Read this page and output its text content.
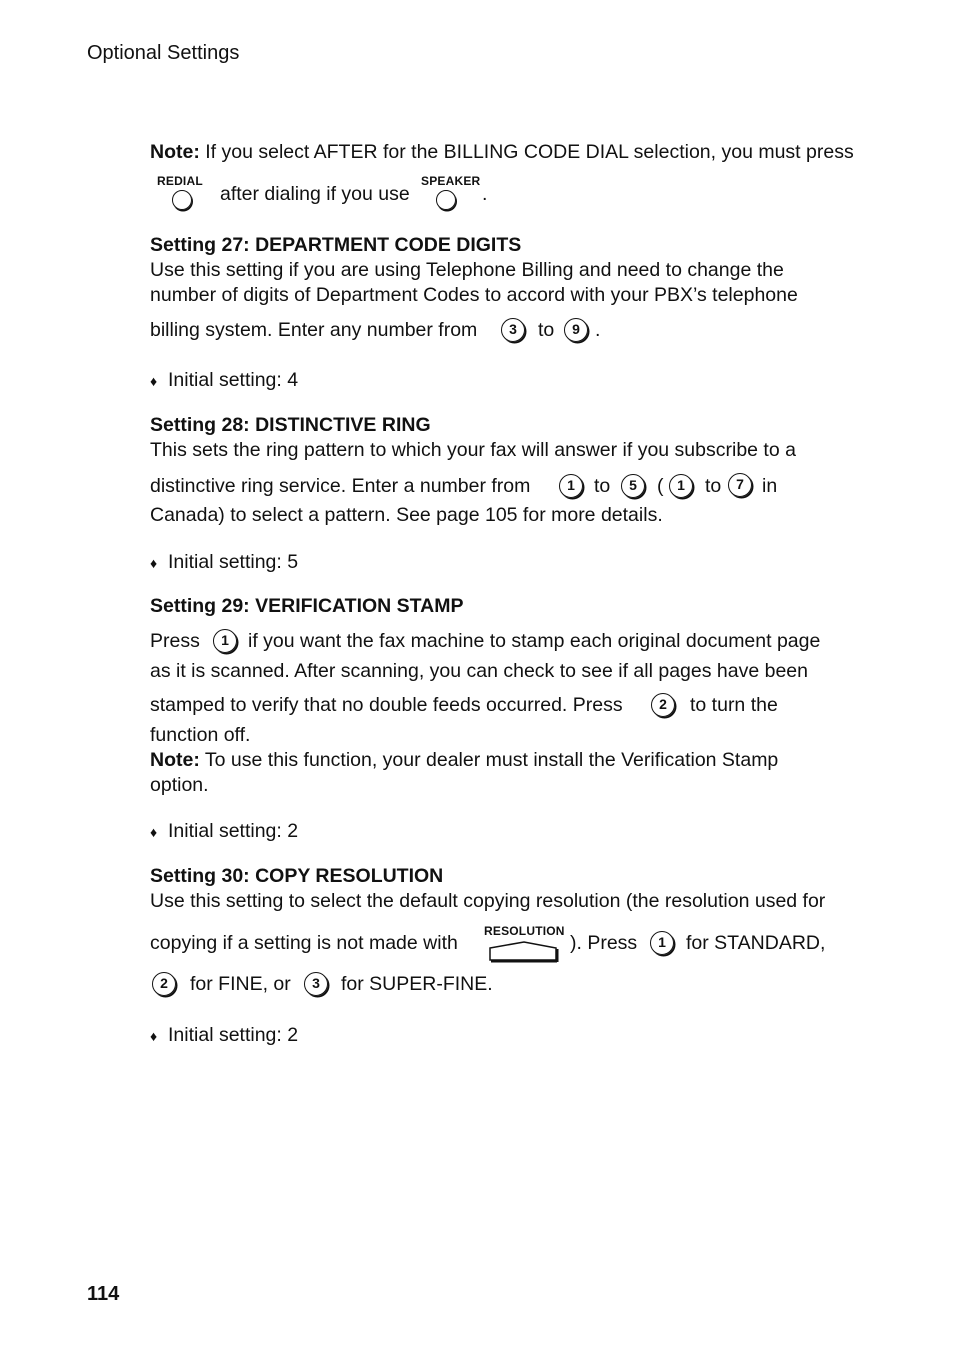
Optional Settings
Note: If you select AFTER for the BILLING CODE DIAL selection, you must press
REDIAL
after dialing if you use
SPEAKER
.
Setting 27: DEPARTMENT CODE DIGITS
Use this setting if you are using Telephone Billing and need to change the
number of digits of Department Codes to accord with your PBX’s telephone
billing system. Enter any number from	3	to	9 .
♦ Initial setting: 4
Setting 28: DISTINCTIVE RING
This sets the ring pattern to which your fax will answer if you subscribe to a
distinctive ring service. Enter a number from	1 to	5	( 1	to	7 in
Canada) to select a pattern. See page 105 for more details.
♦ Initial setting: 5
Setting 29: VERIFICATION STAMP
Press	1 if you want the fax machine to stamp each original document page
as it is scanned. After scanning, you can check to see if all pages have been
stamped to verify that no double feeds occurred. Press	2	to turn the
function off.
Note: To use this function, your dealer must install the Verification Stamp
option.
♦ Initial setting: 2
Setting 30: COPY RESOLUTION
Use this setting to select the default copying resolution (the resolution used for
copying if a setting is not made with
RESOLUTION
). Press	1	for STANDARD,
2	for FINE, or	3	for SUPER-FINE.
♦ Initial setting: 2
114
